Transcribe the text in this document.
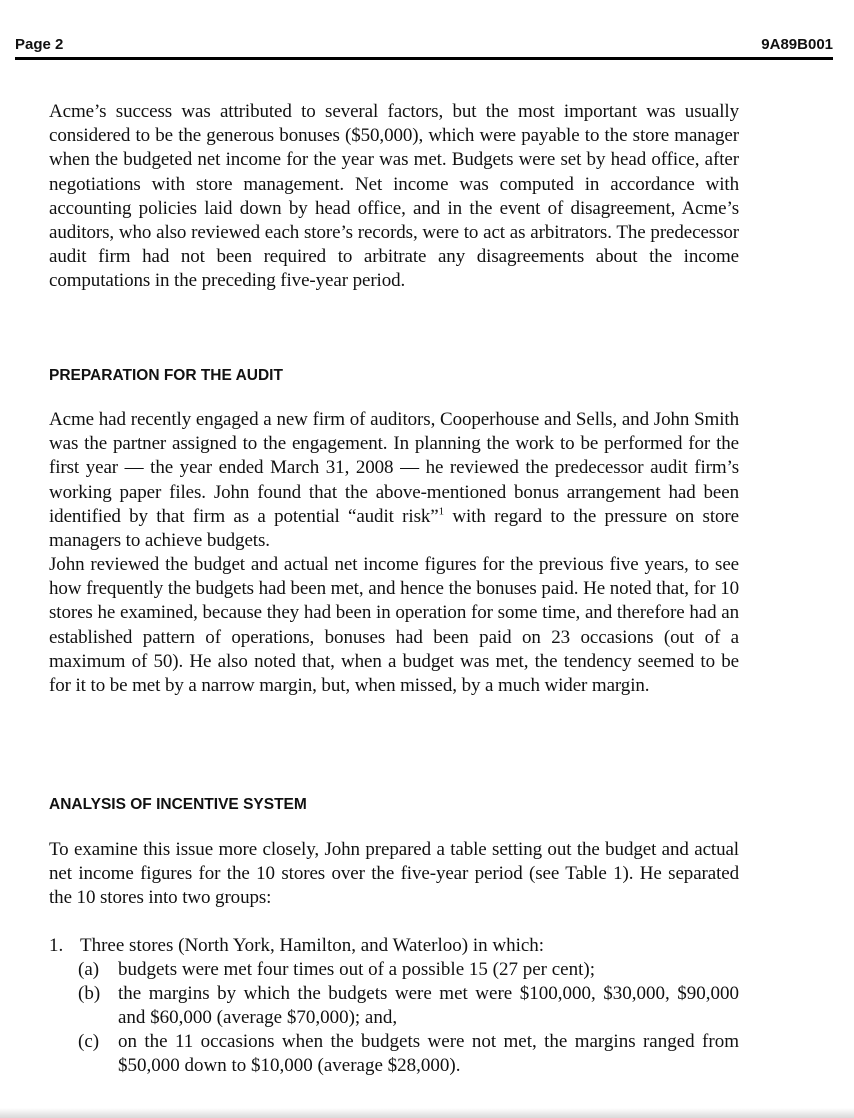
Page 2	9A89B001

Acme’s success was attributed to several factors, but the most important was usually considered to be the generous bonuses ($50,000), which were payable to the store manager when the budgeted net income for the year was met. Budgets were set by head office, after negotiations with store management. Net income was computed in accordance with accounting policies laid down by head office, and in the event of disagreement, Acme’s auditors, who also reviewed each store’s records, were to act as arbitrators. The predecessor audit firm had not been required to arbitrate any disagreements about the income computations in the preceding five-year period.

PREPARATION FOR THE AUDIT

Acme had recently engaged a new firm of auditors, Cooperhouse and Sells, and John Smith was the partner assigned to the engagement. In planning the work to be performed for the first year — the year ended March 31, 2008 — he reviewed the predecessor audit firm’s working paper files. John found that the above-mentioned bonus arrangement had been identified by that firm as a potential “audit risk”$^1$ with regard to the pressure on store managers to achieve budgets.

John reviewed the budget and actual net income figures for the previous five years, to see how frequently the budgets had been met, and hence the bonuses paid. He noted that, for 10 stores he examined, because they had been in operation for some time, and therefore had an established pattern of operations, bonuses had been paid on 23 occasions (out of a maximum of 50). He also noted that, when a budget was met, the tendency seemed to be for it to be met by a narrow margin, but, when missed, by a much wider margin.

ANALYSIS OF INCENTIVE SYSTEM

To examine this issue more closely, John prepared a table setting out the budget and actual net income figures for the 10 stores over the five-year period (see Table 1). He separated the 10 stores into two groups:

1. Three stores (North York, Hamilton, and Waterloo) in which:
(a) budgets were met four times out of a possible 15 (27 per cent);
(b) the margins by which the budgets were met were $100,000, $30,000, $90,000 and $60,000 (average $70,000); and,
(c) on the 11 occasions when the budgets were not met, the margins ranged from $50,000 down to $10,000 (average $28,000).
